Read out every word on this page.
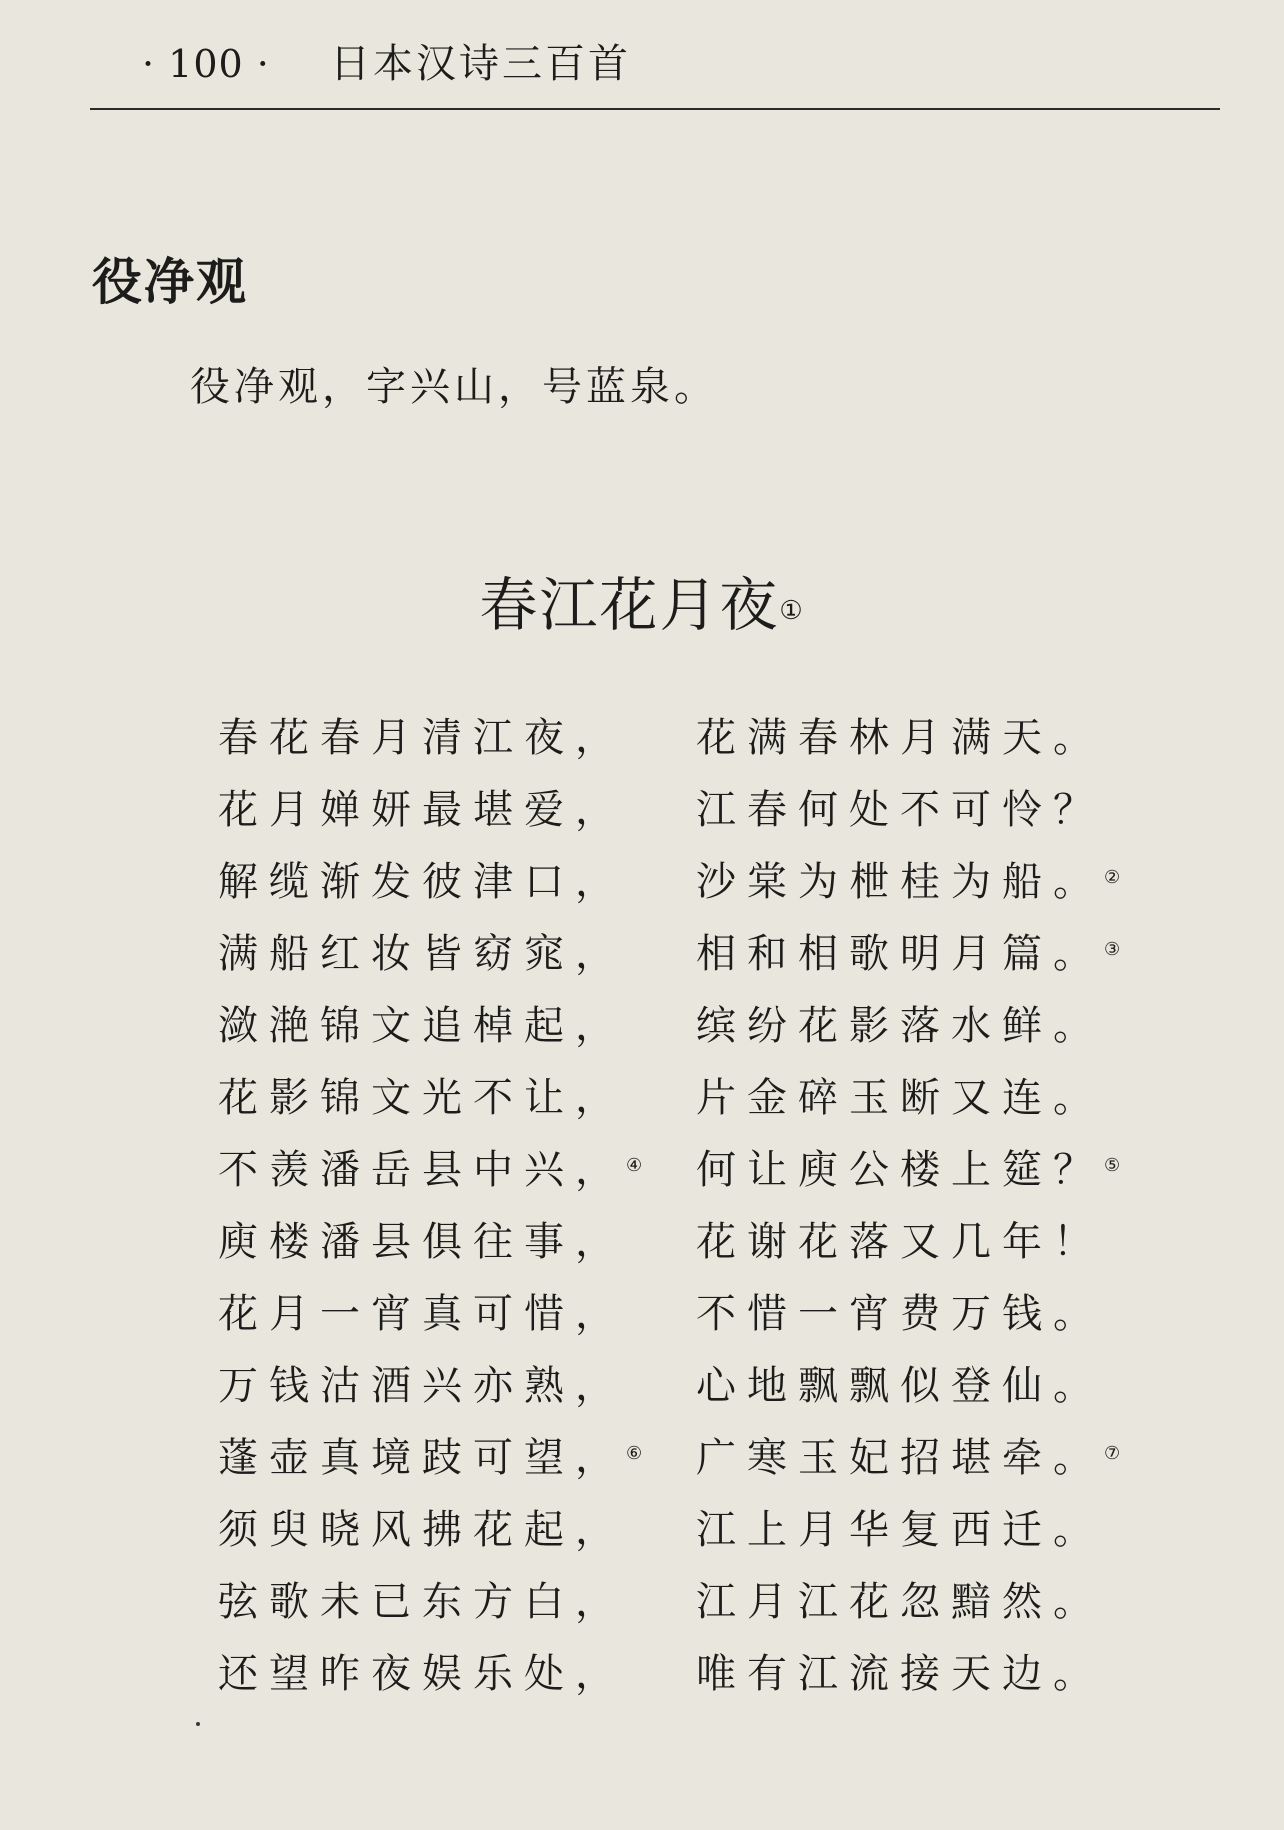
· 100 · 日本汉诗三百首
役净观
役净观，字兴山，号蓝泉。
春江花月夜①
春花春月清江夜， 花满春林月满天。
花月婵妍最堪爱， 江春何处不可怜？
解缆渐发彼津口， 沙棠为枻桂为船。②
满船红妆皆窈窕， 相和相歌明月篇。③
潋滟锦文追棹起， 缤纷花影落水鲜。
花影锦文光不让， 片金碎玉断又连。
不羡潘岳县中兴，④ 何让庾公楼上筵？⑤
庾楼潘县俱往事， 花谢花落又几年！
花月一宵真可惜， 不惜一宵费万钱。
万钱沽酒兴亦熟， 心地飘飘似登仙。
蓬壶真境跂可望，⑥ 广寒玉妃招堪牵。⑦
须臾晓风拂花起， 江上月华复西迁。
弦歌未已东方白， 江月江花忽黯然。
还望昨夜娱乐处， 唯有江流接天边。
